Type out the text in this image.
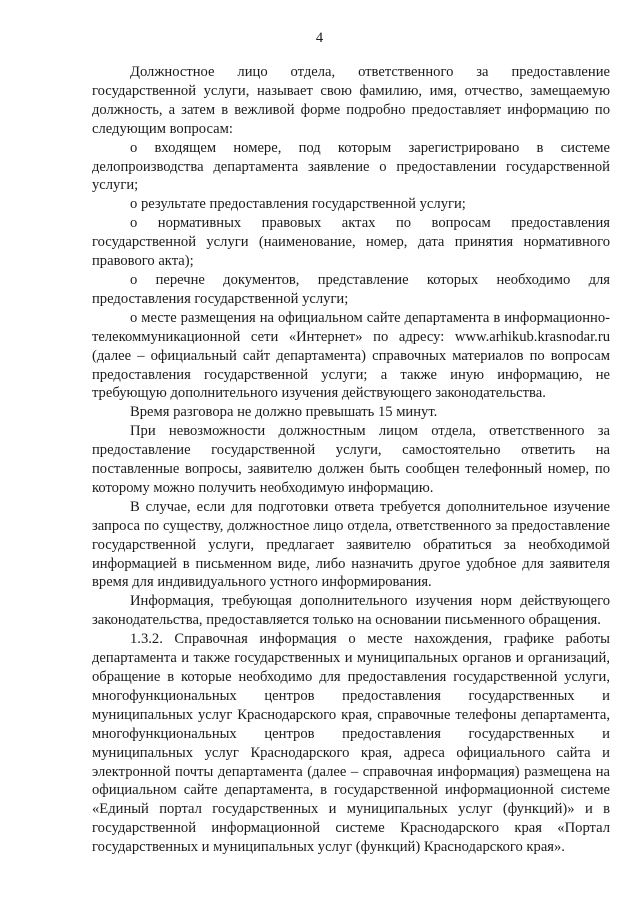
4

Должностное лицо отдела, ответственного за предоставление государственной услуги, называет свою фамилию, имя, отчество, замещаемую должность, а затем в вежливой форме подробно предоставляет информацию по следующим вопросам:

о входящем номере, под которым зарегистрировано в системе делопроизводства департамента заявление о предоставлении государственной услуги;

о результате предоставления государственной услуги;

о нормативных правовых актах по вопросам предоставления государственной услуги (наименование, номер, дата принятия нормативного правового акта);

о перечне документов, представление которых необходимо для предоставления государственной услуги;

о месте размещения на официальном сайте департамента в информационно-телекоммуникационной сети «Интернет» по адресу: www.arhikub.krasnodar.ru (далее – официальный сайт департамента) справочных материалов по вопросам предоставления государственной услуги; а также иную информацию, не требующую дополнительного изучения действующего законодательства.

Время разговора не должно превышать 15 минут.

При невозможности должностным лицом отдела, ответственного за предоставление государственной услуги, самостоятельно ответить на поставленные вопросы, заявителю должен быть сообщен телефонный номер, по которому можно получить необходимую информацию.

В случае, если для подготовки ответа требуется дополнительное изучение запроса по существу, должностное лицо отдела, ответственного за предоставление государственной услуги, предлагает заявителю обратиться за необходимой информацией в письменном виде, либо назначить другое удобное для заявителя время для индивидуального устного информирования.

Информация, требующая дополнительного изучения норм действующего законодательства, предоставляется только на основании письменного обращения.

1.3.2. Справочная информация о месте нахождения, графике работы департамента и также государственных и муниципальных органов и организаций, обращение в которые необходимо для предоставления государственной услуги, многофункциональных центров предоставления государственных и муниципальных услуг Краснодарского края, справочные телефоны департамента, многофункциональных центров предоставления государственных и муниципальных услуг Краснодарского края, адреса официального сайта и электронной почты департамента (далее – справочная информация) размещена на официальном сайте департамента, в государственной информационной системе «Единый портал государственных и муниципальных услуг (функций)» и в государственной информационной системе Краснодарского края «Портал государственных и муниципальных услуг (функций) Краснодарского края».
